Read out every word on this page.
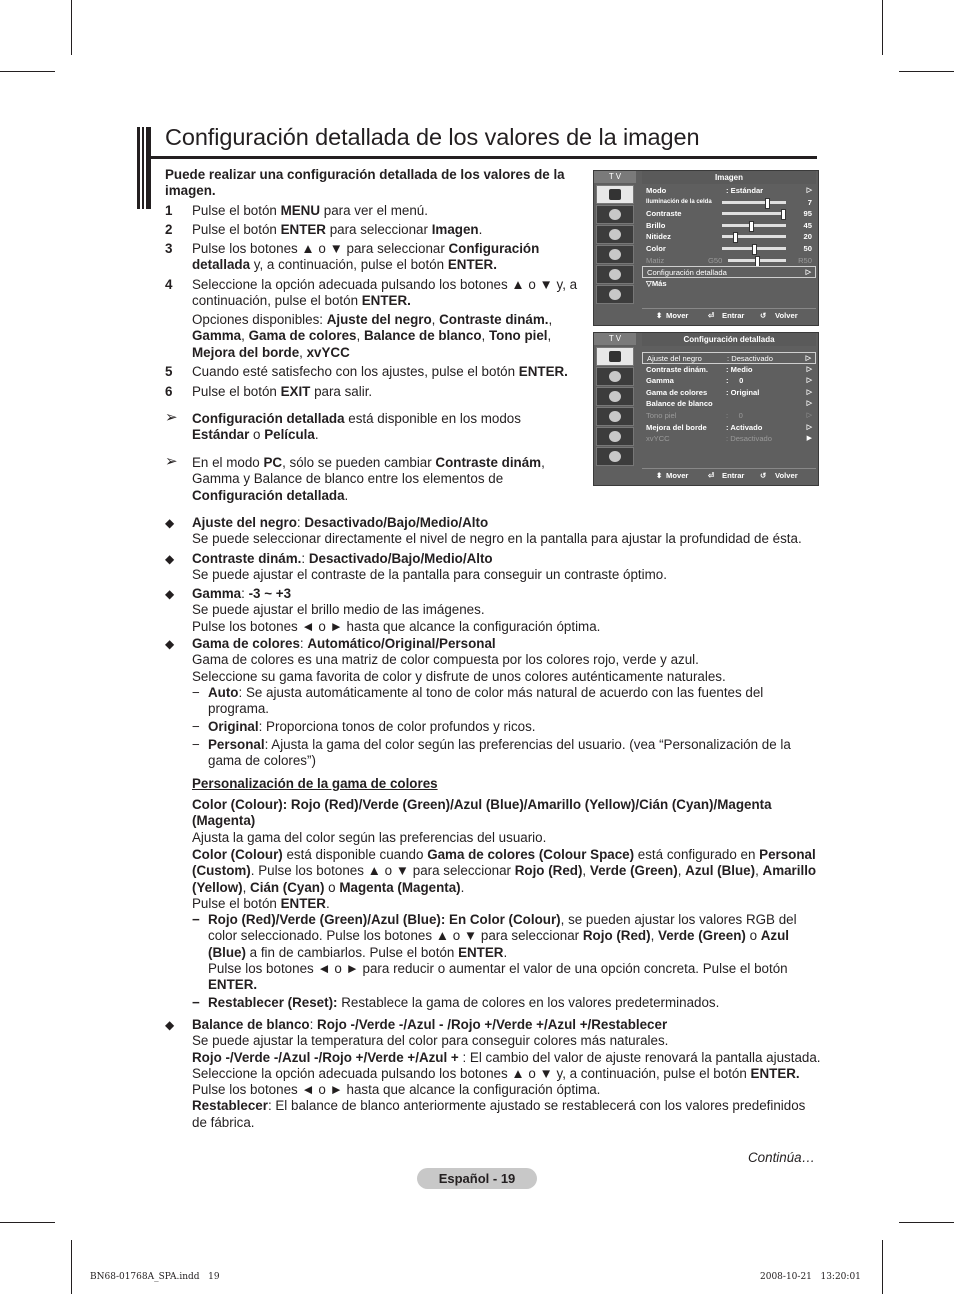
Configuración detallada de los valores de la imagen
Puede realizar una configuración detallada de los valores de la imagen.
1 Pulse el botón MENU para ver el menú.
2 Pulse el botón ENTER para seleccionar Imagen.
3 Pulse los botones ▲ o ▼ para seleccionar Configuración detallada y, a continuación, pulse el botón ENTER.
4 Seleccione la opción adecuada pulsando los botones ▲ o ▼ y, a continuación, pulse el botón ENTER.
Opciones disponibles: Ajuste del negro, Contraste dinám., Gamma, Gama de colores, Balance de blanco, Tono piel, Mejora del borde, xvYCC
5 Cuando esté satisfecho con los ajustes, pulse el botón ENTER.
6 Pulse el botón EXIT para salir.
➢ Configuración detallada está disponible en los modos Estándar o Película.
➢ En el modo PC, sólo se pueden cambiar Contraste dinám, Gamma y Balance de blanco entre los elementos de Configuración detallada.
T V	Imagen
Modo	: Estándar	▷
Iluminación de la celda	7
Contraste	95
Brillo	45
Nitidez	20
Color	50
Matiz	G50	R50
Configuración detallada	▷
▽Más
⬍ Mover	⏎ Entrar ↺ Volver
T V	Configuración detallada
Ajuste del negro	: Desactivado	▷
Contraste dinám. : Medio	▷
Gamma	:     0	▷
Gama de colores : Original	▷
Balance de blanco	▷
Tono piel	:     0	▷
Mejora del borde	: Activado	▷
xvYCC	: Desactivado	▶
⬍ Mover	⏎ Entrar ↺ Volver
◆ Ajuste del negro: Desactivado/Bajo/Medio/Alto
Se puede seleccionar directamente el nivel de negro en la pantalla para ajustar la profundidad de ésta.
◆ Contraste dinám.: Desactivado/Bajo/Medio/Alto
Se puede ajustar el contraste de la pantalla para conseguir un contraste óptimo.
◆ Gamma: -3 ~ +3
Se puede ajustar el brillo medio de las imágenes.
Pulse los botones ◄ o ► hasta que alcance la configuración óptima.
◆ Gama de colores: Automático/Original/Personal
Gama de colores es una matriz de color compuesta por los colores rojo, verde y azul.
Seleccione su gama favorita de color y disfrute de unos colores auténticamente naturales.
− Auto: Se ajusta automáticamente al tono de color más natural de acuerdo con las fuentes del programa.
− Original: Proporciona tonos de color profundos y ricos.
− Personal: Ajusta la gama del color según las preferencias del usuario. (vea “Personalización de la gama de colores”)
Personalización de la gama de colores
Color (Colour): Rojo (Red)/Verde (Green)/Azul (Blue)/Amarillo (Yellow)/Cián (Cyan)/Magenta (Magenta)
Ajusta la gama del color según las preferencias del usuario.
Color (Colour) está disponible cuando Gama de colores (Colour Space) está configurado en Personal (Custom). Pulse los botones ▲ o ▼ para seleccionar Rojo (Red), Verde (Green), Azul (Blue), Amarillo (Yellow), Cián (Cyan) o Magenta (Magenta).
Pulse el botón ENTER.
− Rojo (Red)/Verde (Green)/Azul (Blue): En Color (Colour), se pueden ajustar los valores RGB del color seleccionado. Pulse los botones ▲ o ▼ para seleccionar Rojo (Red), Verde (Green) o Azul (Blue) a fin de cambiarlos. Pulse el botón ENTER.
Pulse los botones ◄ o ► para reducir o aumentar el valor de una opción concreta. Pulse el botón ENTER.
− Restablecer (Reset): Restablece la gama de colores en los valores predeterminados.
◆ Balance de blanco: Rojo -/Verde -/Azul - /Rojo +/Verde +/Azul +/Restablecer
Se puede ajustar la temperatura del color para conseguir colores más naturales.
Rojo -/Verde -/Azul -/Rojo +/Verde +/Azul + : El cambio del valor de ajuste renovará la pantalla ajustada.
Seleccione la opción adecuada pulsando los botones ▲ o ▼ y, a continuación, pulse el botón ENTER. Pulse los botones ◄ o ► hasta que alcance la configuración óptima.
Restablecer: El balance de blanco anteriormente ajustado se restablecerá con los valores predefinidos de fábrica.
Continúa…
Español - 19
BN68-01768A_SPA.indd   19	2008-10-21   13:20:01
